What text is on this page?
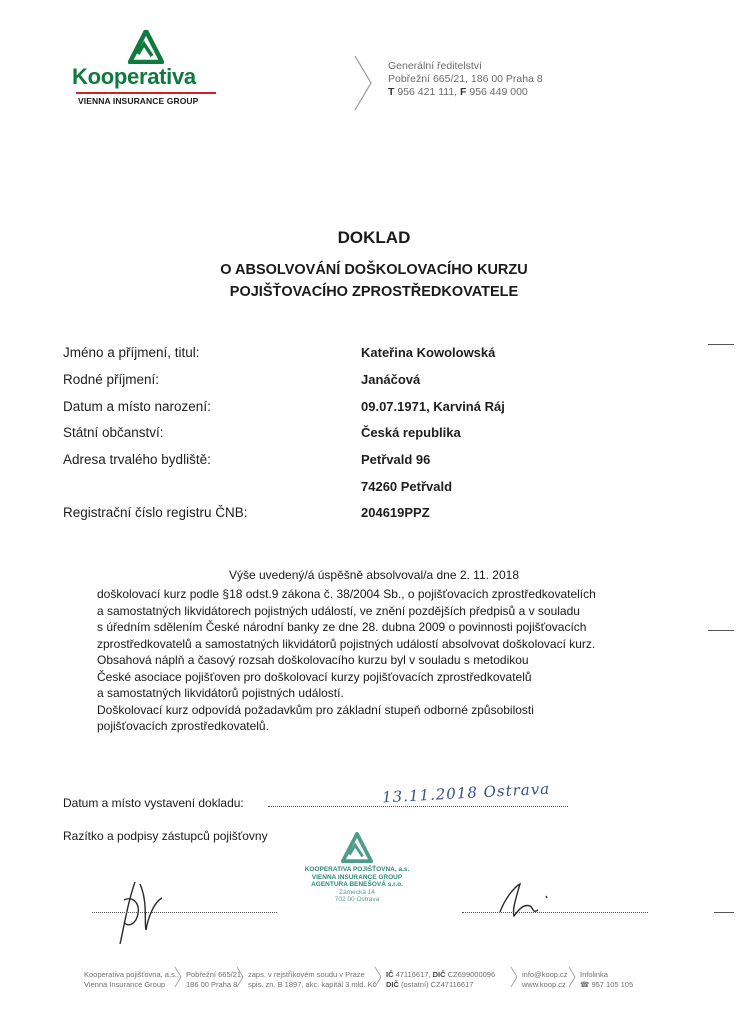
Kooperativa
VIENNA INSURANCE GROUP
Generální ředitelství
Pobřežní 665/21, 186 00 Praha 8
T 956 421 111, F 956 449 000
DOKLAD
O ABSOLVOVÁNÍ DOŠKOLOVACÍHO KURZU
POJIŠŤOVACÍHO ZPROSTŘEDKOVATELE
Jméno a příjmení, titul:	Kateřina Kowolowská
Rodné příjmení:	Janáčová
Datum a místo narození:	09.07.1971, Karviná Ráj
Státní občanství:	Česká republika
Adresa trvalého bydliště:	Petřvald 96
74260 Petřvald
Registrační číslo registru ČNB:	204619PPZ
Výše uvedený/á úspěšně absolvoval/a dne 2. 11. 2018
doškolovací kurz podle §18 odst.9 zákona č. 38/2004 Sb., o pojišťovacích zprostředkovatelích
a samostatných likvidátorech pojistných událostí, ve znění pozdějších předpisů a v souladu
s úředním sdělením České národní banky ze dne 28. dubna 2009 o povinnosti pojišťovacích
zprostředkovatelů a samostatných likvidátorů pojistných událostí absolvovat doškolovací kurz.
Obsahová náplň a časový rozsah doškolovacího kurzu byl v souladu s metodikou
České asociace pojišťoven pro doškolovací kurzy pojišťovacích zprostředkovatelů
a samostatných likvidátorů pojistných událostí.
Doškolovací kurz odpovídá požadavkům pro základní stupeň odborné způsobilosti
pojišťovacích zprostředkovatelů.
Datum a místo vystavení dokladu:	13.11.2018 Ostrava
Razítko a podpisy zástupců pojišťovny
KOOPERATIVA POJIŠŤOVNA, a.s.
VIENNA INSURANCE GROUP
AGENTURA BENEŠOVÁ s.r.o.
Zámecká 14
702 00 Ostrava
Kooperativa pojišťovna, a.s.,
Vienna Insurance Group
Pobřežní 665/21,
186 00 Praha 8
zaps. v rejstříkovém soudu v Praze
spis. zn. B 1897, akc. kapitál 3 mld. Kč
IČ 47116617, DIČ CZ699000096
DIČ (ostatní) CZ47116617
info@koop.cz
www.koop.cz
Infolinka
☎ 957 105 105
